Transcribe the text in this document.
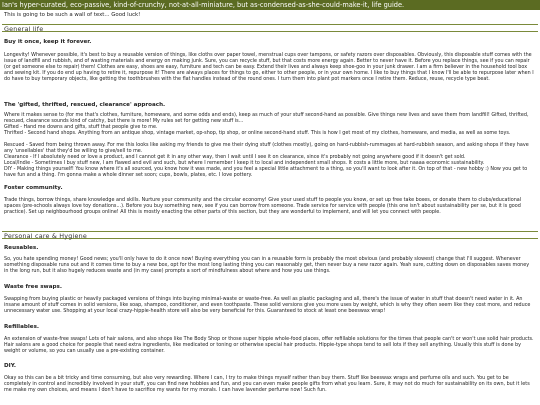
Ian's hyper-curated, eco-passive, kind-of-crunchy, not-at-all-miniature, but as-condensed-as-she-could-make-it, life guide.
This is going to be such a wall of text... Good luck!
General life
Buy it once, keep it forever.

Longevity! Whenever possible, it's best to buy a reusable version of things, like cloths over paper towel, menstrual cups over tampons, or safety razors over disposables. Obviously, this disposable stuff comes with the issue of landfill and rubbish, and of wasting materials and energy on making junk. Sure, you can recycle stuff, but that costs more energy again. Better to never have it. Before you replace things, see if you can repair (or get someone else to repair) them! Clothes are easy, shoes are easy, furniture and tech can be easy. Extend their lives and always keep shoe-goo in your junk drawer. I am a firm believer in the household tool box and sewing kit. If you do end up having to retire it, repurpose it! There are always places for things to go, either to other people, or in your own home. I like to buy things that I know I'll be able to repurpose later when I do have to buy temporary objects, like getting the toothbrushes with the flat handles instead of the round ones. I turn them into plant pot markers once I retire them. Reduce, reuse, recycle type beat.

The 'gifted, thrifted, rescued, clearance' approach.

Where it makes sense to (for me that's clothes, furniture, homeware, and some odds and ends), keep as much of your stuff second-hand as possible. Give things new lives and save them from landfill! Gifted, thrifted, rescued, clearance sounds kind of catchy, but there is more! My rules set for getting new stuff is...

Gifted - Hand me downs and gifts, stuff that people give to me.

Thrifted - Second hand shops. Anything from an antique shop, vintage market, op-shop, tip shop, or online second-hand stuff. This is how I get most of my clothes, homeware, and media, as well as some toys.

Rescued - Saved from being thrown away. For me this looks like asking my friends to give me their dying stuff (clothes mostly), going on hard-rubbish-rummages at hard-rubbish season, and asking shops if they have any 'unsellables' that they'd be willing to give/sell to me.

Clearance - If I absolutely need or love a product, and I cannot get it in any other way, then I wait until I see it on clearance, since it's probably not going anywhere good if it doesn't get sold.

Local/Indie - Sometimes I buy stuff new, I am flawed and evil and such, but where I remember I keep it to local and independent small shops. It costs a little more, but naaaa economic sustainability.

DIY - Making things yourself! You know where it's all sourced, you know how it was made, and you feel a special little attachment to a thing, so you'll want to look after it. On top of that - new hobby :) Now you get to have fun and a thing. I'm gonna make a whole dinner set soon; cups, bowls, plates, etc. I love pottery.

Foster community.

Trade things, borrow things, share knowledge and skills. Nurture your community and the circular economy! Give your used stuff to people you know, or set up free take boxes, or donate them to clubs/educational spaces (pre-schools always love toy donations...). Before you buy something new, see if you can borrow from someone. Trade service for service with people (this one isn't about sustainability per se, but it is good practice). Set up neighbourhood groups online! All this is mostly enacting the other parts of this section, but they are wonderful to implement, and will let you connect with people.

Personal care & Hygiene
Reusables.

So, you hate spending money! Good news; you'll only have to do it once now! Buying everything you can in a reusable form is probably the most obvious (and probably slowest) change that I'll suggest. Whenever something disposable runs out and it comes time to buy a new box, opt for the most long lasting thing you can reasonably get, then never buy a new razor again. Yeah sure, cutting down on disposables saves money in the long run, but it also hugely reduces waste and (in my case) prompts a sort of mindfulness about where and how you use things.

Waste free swaps.

Swapping from buying plastic or heavily packaged versions of things into buying minimal-waste or waste-free. As well as plastic packaging and all, there's the issue of water in stuff that doesn't need water in it. An insane amount of stuff comes in solid versions, like soap, shampoo, conditioner, and even toothpaste. These solid versions give you more uses by weight, which is why they often seem like they cost more, and reduce unnecessary water use. Shopping at your local crazy-hippie-health store will also be very beneficial for this. Guaranteed to stock at least one beeswax wrap!

Refillables.

An extension of waste-free swaps! Lots of hair salons, and also shops like The Body Shop or those super hippie whole-food places, offer refillable solutions for the times that people can't or won't use solid hair products. Hair salons are a good choice for people that need extra ingredients, like medicated or toning or otherwise special hair products. Hippie-type shops tend to sell lots if they sell anything. Usually this stuff is done by weight or volume, so you can usually use a pre-existing container.

DIY.

Okay so this can be a bit tricky and time consuming, but also very rewarding. Where I can, I try to make things myself rather than buy them. Stuff like beeswax wraps and perfume oils and such. You get to be completely in control and incredibly involved in your stuff, you can find new hobbies and fun, and you can even make people gifts from what you learn. Sure, it may not do much for sustainability on its own, but it lets me make my own choices, and means I don't have to sacrifice my wants for my morals. I can have lavender perfume now! Such fun.
